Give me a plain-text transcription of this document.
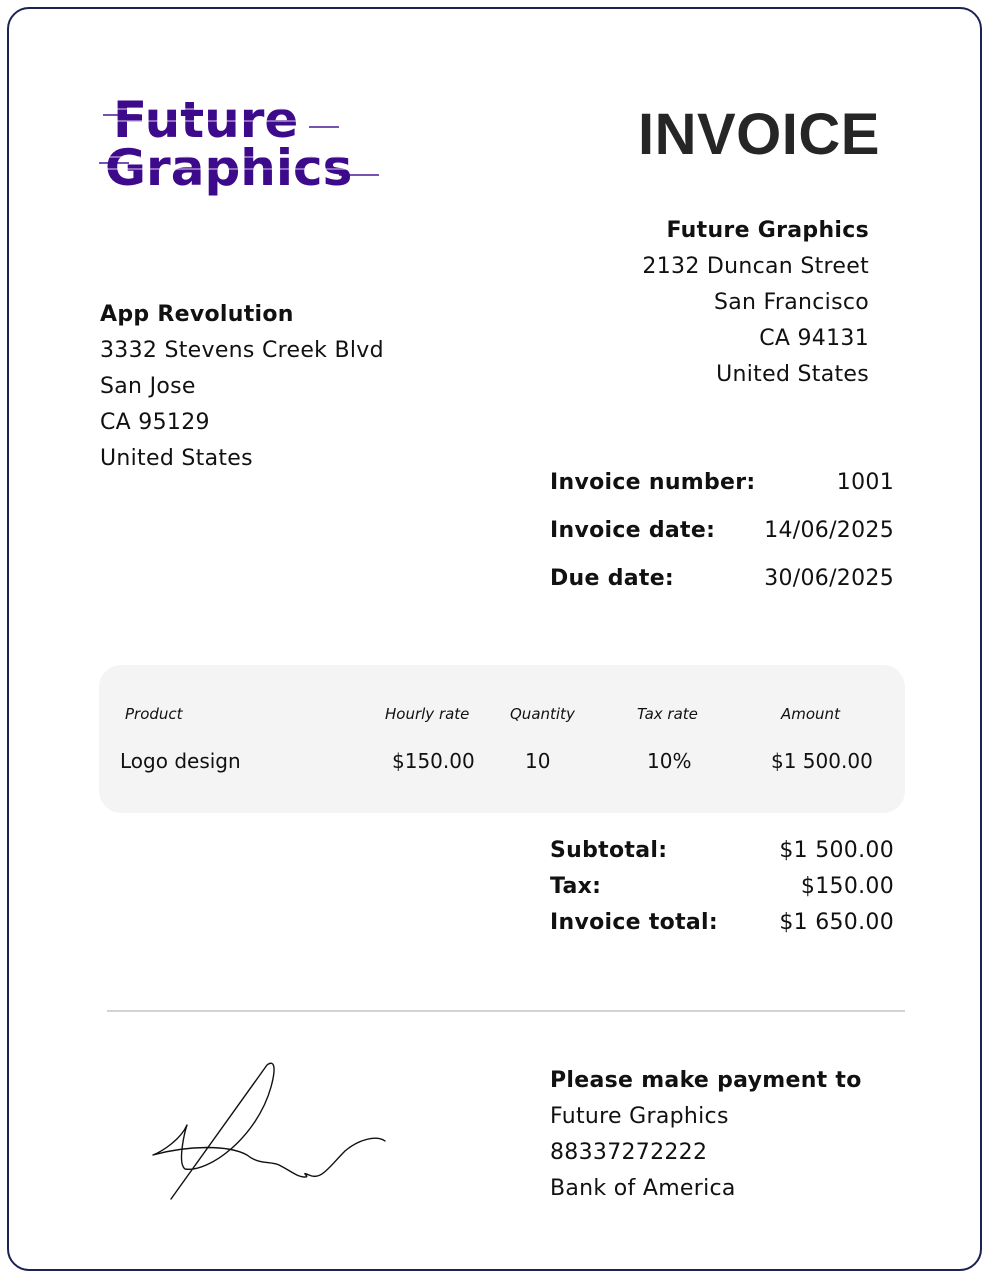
Future
Graphics
INVOICE
Future Graphics
2132 Duncan Street
San Francisco
CA 94131
United States
App Revolution
3332 Stevens Creek Blvd
San Jose
CA 95129
United States
Invoice number:	1001
Invoice date: 14/06/2025
Due date:	30/06/2025
Product	Hourly rate	Quantity	Tax rate	Amount
Logo design	$150.00	10	10%	$1 500.00
Subtotal:	$1 500.00
Tax:	$150.00
Invoice total:	$1 650.00
Please make payment to
Future Graphics
88337272222
Bank of America
